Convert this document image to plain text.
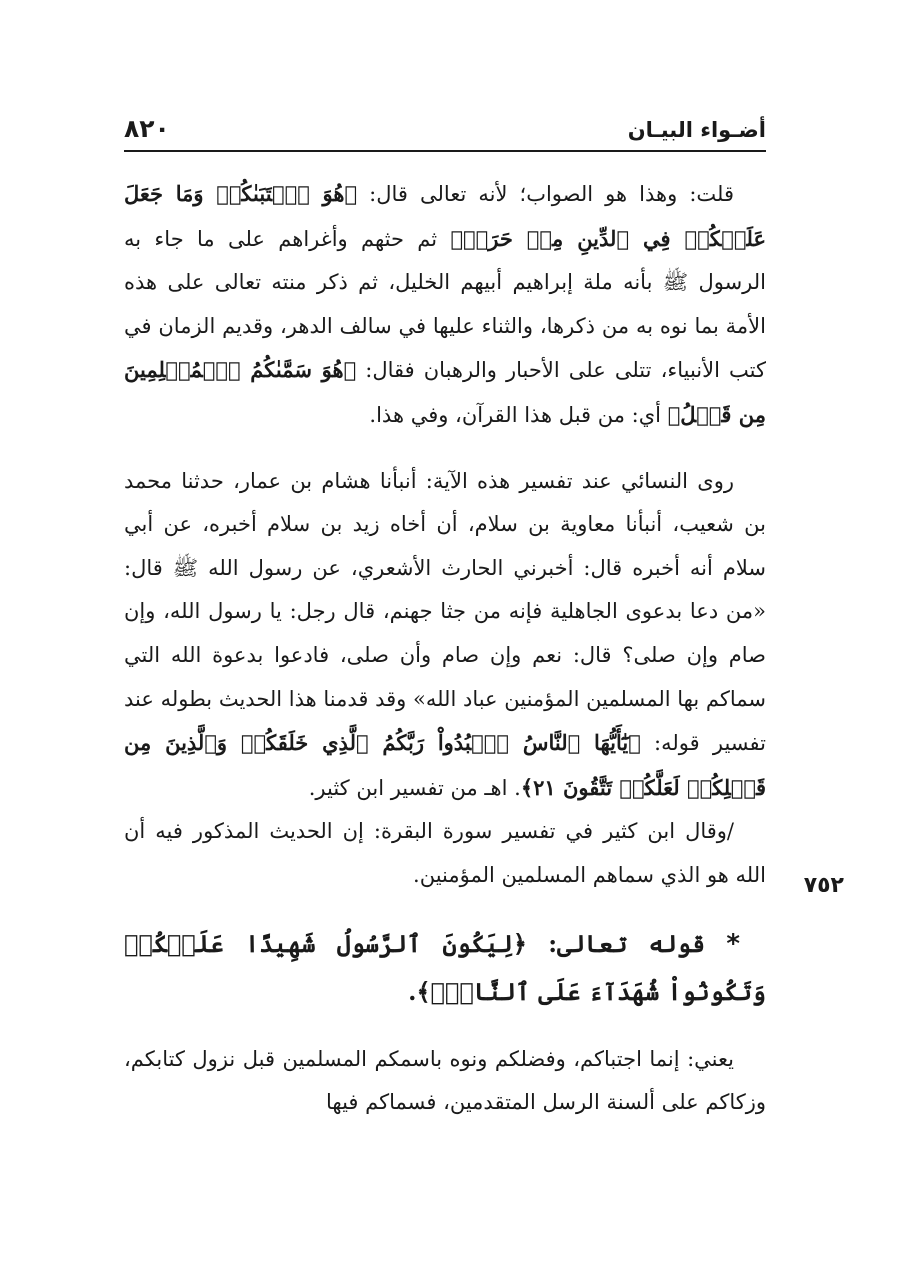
أضـواء البيـان
٨٢٠
٧٥٢

قلت: وهذا هو الصواب؛ لأنه تعالى قال: ﴿هُوَ ٱجۡتَبَىٰكُمۡ وَمَا جَعَلَ عَلَيۡكُمۡ فِي ٱلدِّينِ مِنۡ حَرَجٖ﴾ ثم حثهم وأغراهم على ما جاء به الرسول ﷺ بأنه ملة إبراهيم أبيهم الخليل، ثم ذكر منته تعالى على هذه الأمة بما نوه به من ذكرها، والثناء عليها في سالف الدهر، وقديم الزمان في كتب الأنبياء، تتلى على الأحبار والرهبان فقال: ﴿هُوَ سَمَّىٰكُمُ ٱلۡمُسۡلِمِينَ مِن قَبۡلُ﴾ أي: من قبل هذا القرآن، وفي هذا.

روى النسائي عند تفسير هذه الآية: أنبأنا هشام بن عمار، حدثنا محمد بن شعيب، أنبأنا معاوية بن سلام، أن أخاه زيد بن سلام أخبره، عن أبي سلام أنه أخبره قال: أخبرني الحارث الأشعري، عن رسول الله ﷺ قال: «من دعا بدعوى الجاهلية فإنه من جثا جهنم، قال رجل: يا رسول الله، وإن صام وإن صلى؟ قال: نعم وإن صام وأن صلى، فادعوا بدعوة الله التي سماكم بها المسلمين المؤمنين عباد الله» وقد قدمنا هذا الحديث بطوله عند تفسير قوله: ﴿يَٰٓأَيُّهَا ٱلنَّاسُ ٱعۡبُدُواْ رَبَّكُمُ ٱلَّذِي خَلَقَكُمۡ وَٱلَّذِينَ مِن قَبۡلِكُمۡ لَعَلَّكُمۡ تَتَّقُونَ ٢١﴾. اهـ من تفسير ابن كثير.

/وقال ابن كثير في تفسير سورة البقرة: إن الحديث المذكور فيه أن الله هو الذي سماهم المسلمين المؤمنين.

* قوله تعالى: ﴿لِيَكُونَ ٱلرَّسُولُ شَهِيدًا عَلَيۡكُمۡ وَتَكُونُواْ شُهَدَآءَ عَلَى ٱلنَّاسِۚ﴾.

يعني: إنما اجتباكم، وفضلكم ونوه باسمكم المسلمين قبل نزول كتابكم، وزكاكم على ألسنة الرسل المتقدمين، فسماكم فيها
